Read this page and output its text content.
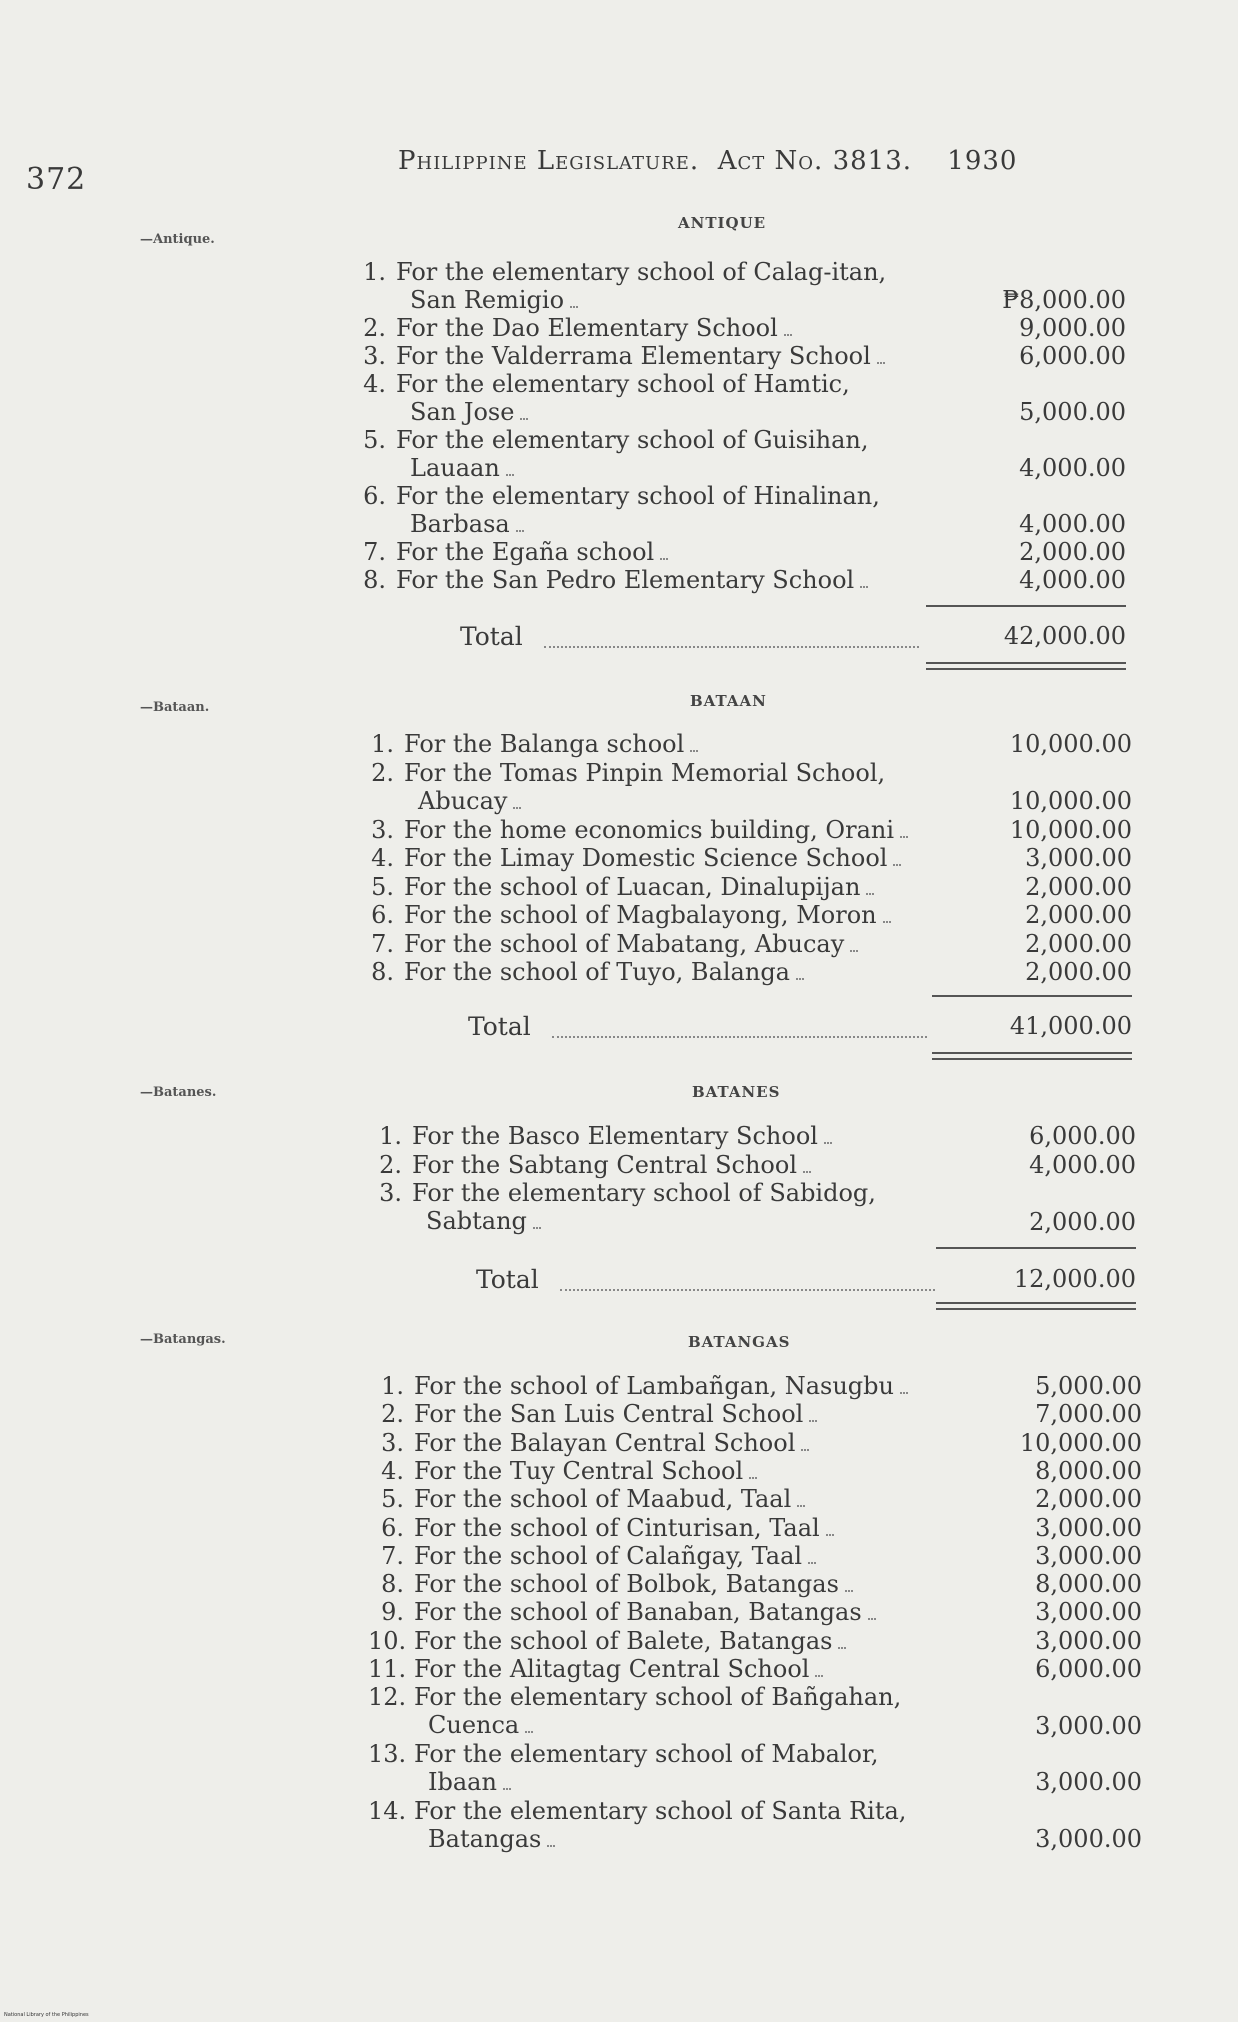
372
Philippine Legislature. Act No. 3813. 1930
—Antique.
ANTIQUE
1. For the elementary school of Calag-itan,
San Remigio	₱8,000.00
2. For the Dao Elementary School	9,000.00
3. For the Valderrama Elementary School	6,000.00
4. For the elementary school of Hamtic,
San Jose	5,000.00
5. For the elementary school of Guisihan,
Lauaan	4,000.00
6. For the elementary school of Hinalinan,
Barbasa	4,000.00
7. For the Egaña school	2,000.00
8. For the San Pedro Elementary School	4,000.00
Total	42,000.00
—Bataan.	BATAAN
1. For the Balanga school	10,000.00
2. For the Tomas Pinpin Memorial School,
Abucay	10,000.00
3. For the home economics building, Orani	10,000.00
4. For the Limay Domestic Science School	3,000.00
5. For the school of Luacan, Dinalupijan	2,000.00
6. For the school of Magbalayong, Moron	2,000.00
7. For the school of Mabatang, Abucay	2,000.00
8. For the school of Tuyo, Balanga	2,000.00
Total	41,000.00
—Batanes.	BATANES
1. For the Basco Elementary School	6,000.00
2. For the Sabtang Central School	4,000.00
3. For the elementary school of Sabidog,
Sabtang	2,000.00
Total	12,000.00
—Batangas.	BATANGAS
1. For the school of Lambañgan, Nasugbu	5,000.00
2. For the San Luis Central School	7,000.00
3. For the Balayan Central School	10,000.00
4. For the Tuy Central School	8,000.00
5. For the school of Maabud, Taal	2,000.00
6. For the school of Cinturisan, Taal	3,000.00
7. For the school of Calañgay, Taal	3,000.00
8. For the school of Bolbok, Batangas	8,000.00
9. For the school of Banaban, Batangas	3,000.00
10. For the school of Balete, Batangas	3,000.00
11. For the Alitagtag Central School	6,000.00
12. For the elementary school of Bañgahan,
Cuenca	3,000.00
13. For the elementary school of Mabalor,
Ibaan	3,000.00
14. For the elementary school of Santa Rita,
Batangas	3,000.00
National Library of the Philippines
